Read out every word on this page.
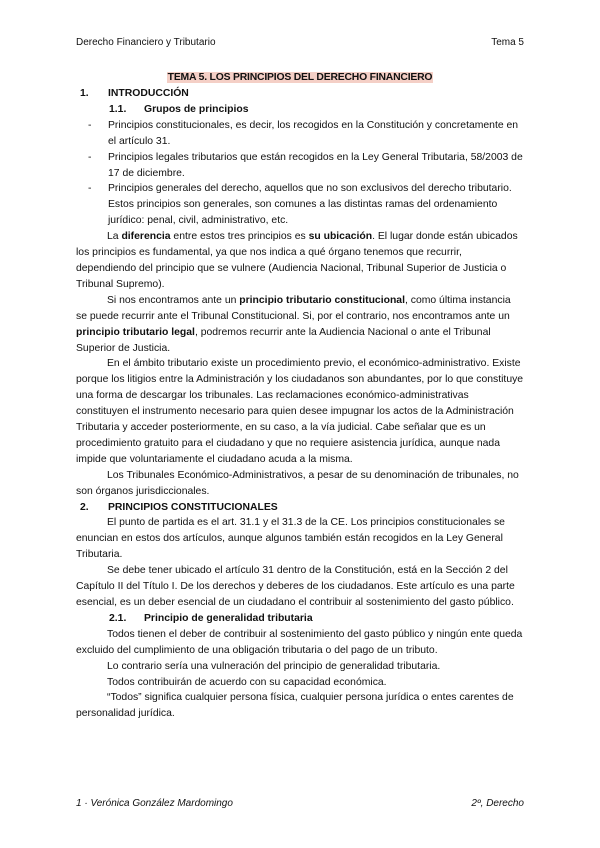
Derecho Financiero y Tributario	Tema 5
TEMA 5. LOS PRINCIPIOS DEL DERECHO FINANCIERO
1. INTRODUCCIÓN
1.1. Grupos de principios
- Principios constitucionales, es decir, los recogidos en la Constitución y concretamente en el artículo 31.
- Principios legales tributarios que están recogidos en la Ley General Tributaria, 58/2003 de 17 de diciembre.
- Principios generales del derecho, aquellos que no son exclusivos del derecho tributario. Estos principios son generales, son comunes a las distintas ramas del ordenamiento jurídico: penal, civil, administrativo, etc.

La diferencia entre estos tres principios es su ubicación. El lugar donde están ubicados los principios es fundamental, ya que nos indica a qué órgano tenemos que recurrir, dependiendo del principio que se vulnere (Audiencia Nacional, Tribunal Superior de Justicia o Tribunal Supremo).

Si nos encontramos ante un principio tributario constitucional, como última instancia se puede recurrir ante el Tribunal Constitucional. Si, por el contrario, nos encontramos ante un principio tributario legal, podremos recurrir ante la Audiencia Nacional o ante el Tribunal Superior de Justicia.

En el ámbito tributario existe un procedimiento previo, el económico-administrativo. Existe porque los litigios entre la Administración y los ciudadanos son abundantes, por lo que constituye una forma de descargar los tribunales. Las reclamaciones económico-administrativas constituyen el instrumento necesario para quien desee impugnar los actos de la Administración Tributaria y acceder posteriormente, en su caso, a la vía judicial. Cabe señalar que es un procedimiento gratuito para el ciudadano y que no requiere asistencia jurídica, aunque nada impide que voluntariamente el ciudadano acuda a la misma.

Los Tribunales Económico-Administrativos, a pesar de su denominación de tribunales, no son órganos jurisdiccionales.

2. PRINCIPIOS CONSTITUCIONALES

El punto de partida es el art. 31.1 y el 31.3 de la CE. Los principios constitucionales se enuncian en estos dos artículos, aunque algunos también están recogidos en la Ley General Tributaria.

Se debe tener ubicado el artículo 31 dentro de la Constitución, está en la Sección 2 del Capítulo II del Título I. De los derechos y deberes de los ciudadanos. Este artículo es una parte esencial, es un deber esencial de un ciudadano el contribuir al sostenimiento del gasto público.

2.1. Principio de generalidad tributaria

Todos tienen el deber de contribuir al sostenimiento del gasto público y ningún ente queda excluido del cumplimiento de una obligación tributaria o del pago de un tributo.

Lo contrario sería una vulneración del principio de generalidad tributaria.

Todos contribuirán de acuerdo con su capacidad económica.

“Todos” significa cualquier persona física, cualquier persona jurídica o entes carentes de personalidad jurídica.

1 · Verónica González Mardomingo	2º, Derecho
